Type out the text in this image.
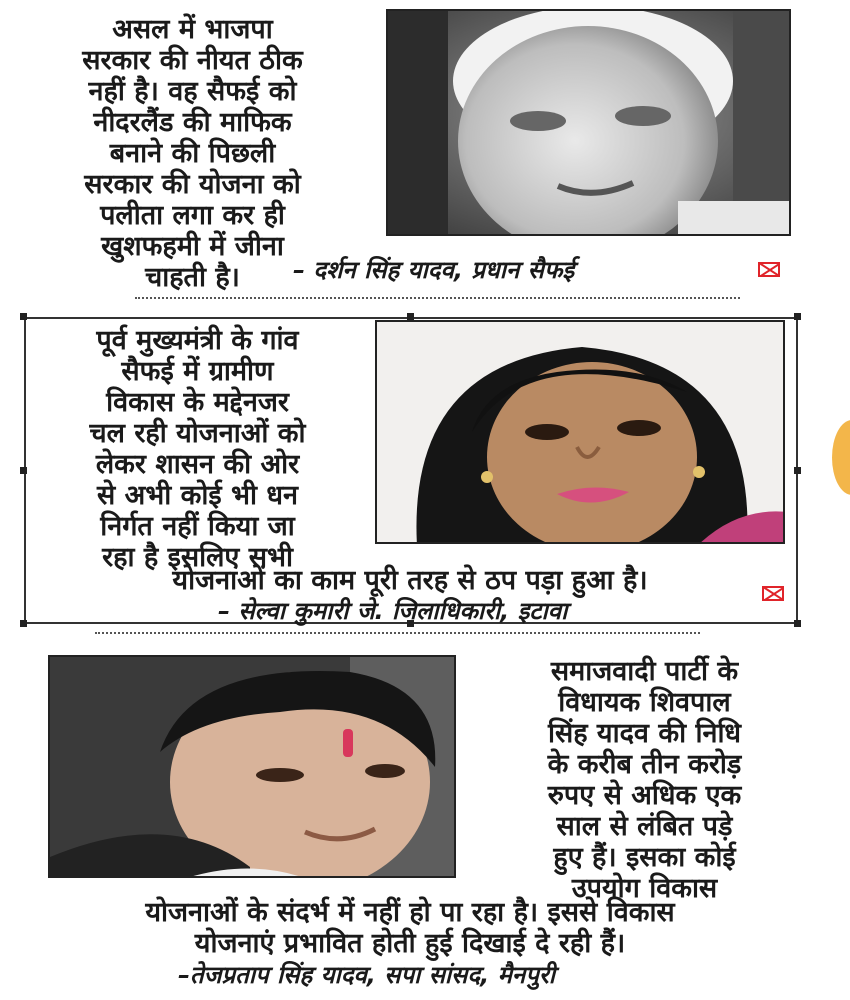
असल में भाजपा
सरकार की नीयत ठीक
नहीं है। वह सैफई को
नीदरलैंड की माफिक
बनाने की पिछली
सरकार की योजना को
पलीता लगा कर ही
खुशफहमी में जीना
चाहती है।	– दर्शन सिंह यादव, प्रधान सैफई
पूर्व मुख्यमंत्री के गांव
सैफई में ग्रामीण
विकास के मद्देनजर
चल रही योजनाओं को
लेकर शासन की ओर
से अभी कोई भी धन
निर्गत नहीं किया जा
रहा है इसलिए सभी
योजनाओं का काम पूरी तरह से ठप पड़ा हुआ है।
– सेल्वा कुमारी जे. जिलाधिकारी, इटावा
समाजवादी पार्टी के
विधायक शिवपाल
सिंह यादव की निधि
के करीब तीन करोड़
रुपए से अधिक एक
साल से लंबित पड़े
हुए हैं। इसका कोई
उपयोग विकास
योजनाओं के संदर्भ में नहीं हो पा रहा है। इससे विकास
योजनाएं प्रभावित होती हुई दिखाई दे रही हैं।
–तेजप्रताप सिंह यादव, सपा सांसद, मैनपुरी
